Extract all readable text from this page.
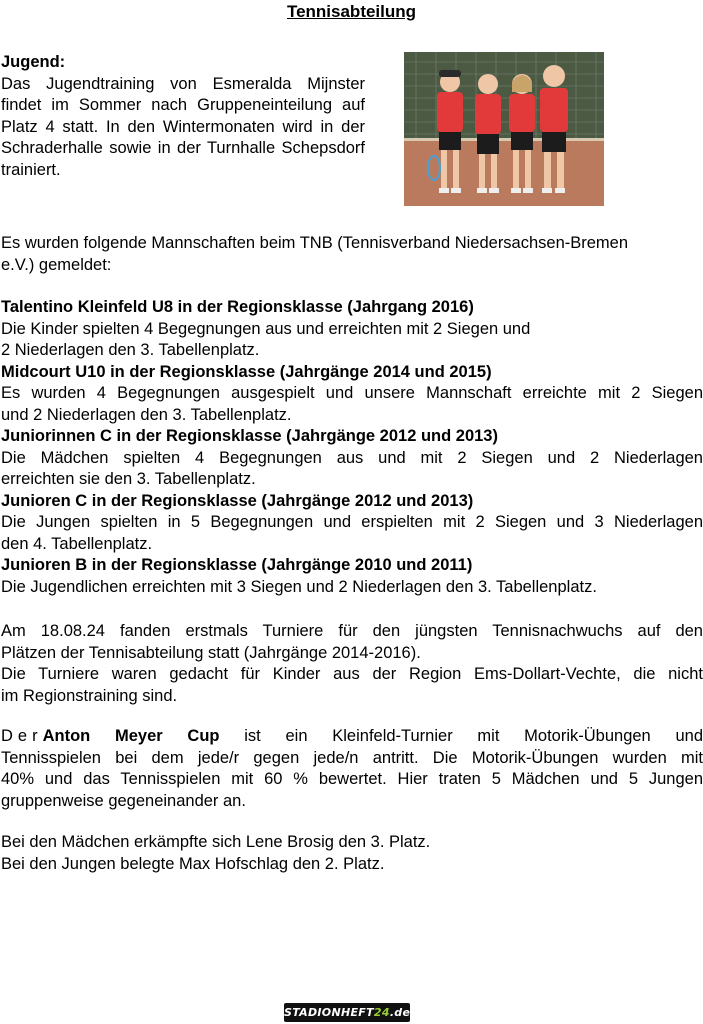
Tennisabteilung
Jugend:
Das Jugendtraining von Esmeralda Mijnster findet im Sommer nach Gruppeneinteilung auf Platz 4 statt. In den Wintermonaten wird in der Schraderhalle sowie in der Turnhalle Schepsdorf trainiert.
Es wurden folgende Mannschaften beim TNB (Tennisverband Niedersachsen-Bremen
e.V.) gemeldet:
Talentino Kleinfeld U8 in der Regionsklasse (Jahrgang 2016)
Die Kinder spielten 4 Begegnungen aus und erreichten mit 2 Siegen und
2 Niederlagen den 3. Tabellenplatz.
Midcourt U10 in der Regionsklasse (Jahrgänge 2014 und 2015)
Es wurden 4 Begegnungen ausgespielt und unsere Mannschaft erreichte mit 2 Siegen
und 2 Niederlagen den 3. Tabellenplatz.
Juniorinnen C in der Regionsklasse (Jahrgänge 2012 und 2013)
Die Mädchen spielten 4 Begegnungen aus und mit 2 Siegen und 2 Niederlagen
erreichten sie den 3. Tabellenplatz.
Junioren C in der Regionsklasse (Jahrgänge 2012 und 2013)
Die Jungen spielten in 5 Begegnungen und erspielten mit 2 Siegen und 3 Niederlagen
den 4. Tabellenplatz.
Junioren B in der Regionsklasse (Jahrgänge 2010 und 2011)
Die Jugendlichen erreichten mit 3 Siegen und 2 Niederlagen den 3. Tabellenplatz.
Am 18.08.24 fanden erstmals Turniere für den jüngsten Tennisnachwuchs auf den
Plätzen der Tennisabteilung statt (Jahrgänge 2014-2016).
Die Turniere waren gedacht für Kinder aus der Region Ems-Dollart-Vechte, die nicht
im Regionstraining sind.
DerAnton Meyer Cup ist ein Kleinfeld-Turnier mit Motorik-Übungen und
Tennisspielen bei dem jede/r gegen jede/n antritt. Die Motorik-Übungen wurden mit
40% und das Tennisspielen mit 60 % bewertet. Hier traten 5 Mädchen und 5 Jungen
gruppenweise gegeneinander an.
Bei den Mädchen erkämpfte sich Lene Brosig den 3. Platz.
Bei den Jungen belegte Max Hofschlag den 2. Platz.
STADIONHEFT24.de
